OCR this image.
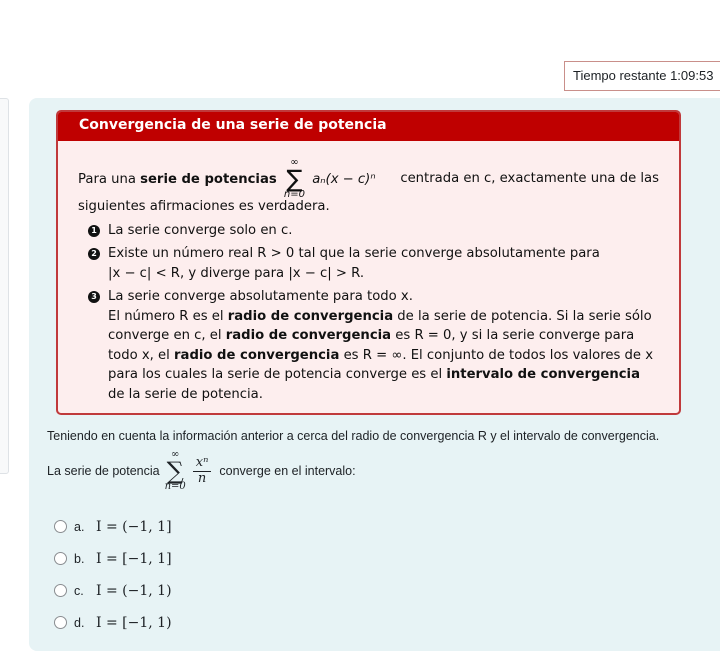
Tiempo restante 1:09:53
Convergencia de una serie de potencia
Para una serie de potencias
∞
∑
n=0
aₙ(x − c)ⁿ centrada en c, exactamente una de las
siguientes afirmaciones es verdadera.
1 La serie converge solo en c.
2 Existe un número real R > 0 tal que la serie converge absolutamente para
|x − c| < R, y diverge para |x − c| > R.
3 La serie converge absolutamente para todo x.
El número R es el radio de convergencia de la serie de potencia. Si la serie sólo converge en c, el radio de convergencia es R = 0, y si la serie converge para todo x, el radio de convergencia es R = ∞. El conjunto de todos los valores de x para los cuales la serie de potencia converge es el intervalo de convergencia de la serie de potencia.
Teniendo en cuenta la información anterior a cerca del radio de convergencia R y el intervalo de convergencia.
La serie de potencia
∞
∑
n=0
$\frac{\text{xⁿ}}{n}$ converge en el intervalo:
a. I = (−1, 1]
b. I = [−1, 1]
c. I = (−1, 1)
d. I = [−1, 1)
